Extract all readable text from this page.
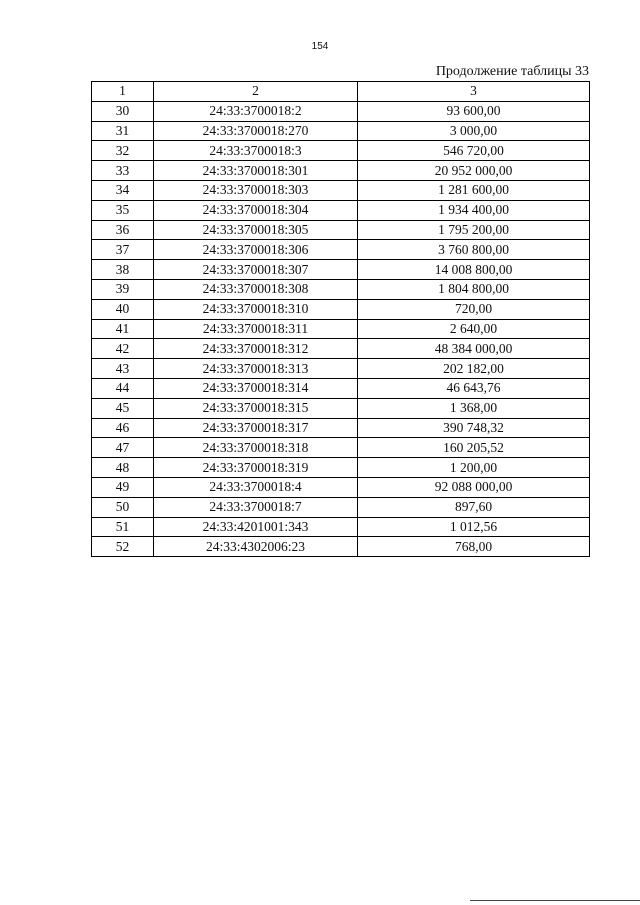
154
Продолжение таблицы 33
1	2	3
30	24:33:3700018:2	93 600,00
31	24:33:3700018:270	3 000,00
32	24:33:3700018:3	546 720,00
33	24:33:3700018:301	20 952 000,00
34	24:33:3700018:303	1 281 600,00
35	24:33:3700018:304	1 934 400,00
36	24:33:3700018:305	1 795 200,00
37	24:33:3700018:306	3 760 800,00
38	24:33:3700018:307	14 008 800,00
39	24:33:3700018:308	1 804 800,00
40	24:33:3700018:310	720,00
41	24:33:3700018:311	2 640,00
42	24:33:3700018:312	48 384 000,00
43	24:33:3700018:313	202 182,00
44	24:33:3700018:314	46 643,76
45	24:33:3700018:315	1 368,00
46	24:33:3700018:317	390 748,32
47	24:33:3700018:318	160 205,52
48	24:33:3700018:319	1 200,00
49	24:33:3700018:4	92 088 000,00
50	24:33:3700018:7	897,60
51	24:33:4201001:343	1 012,56
52	24:33:4302006:23	768,00
